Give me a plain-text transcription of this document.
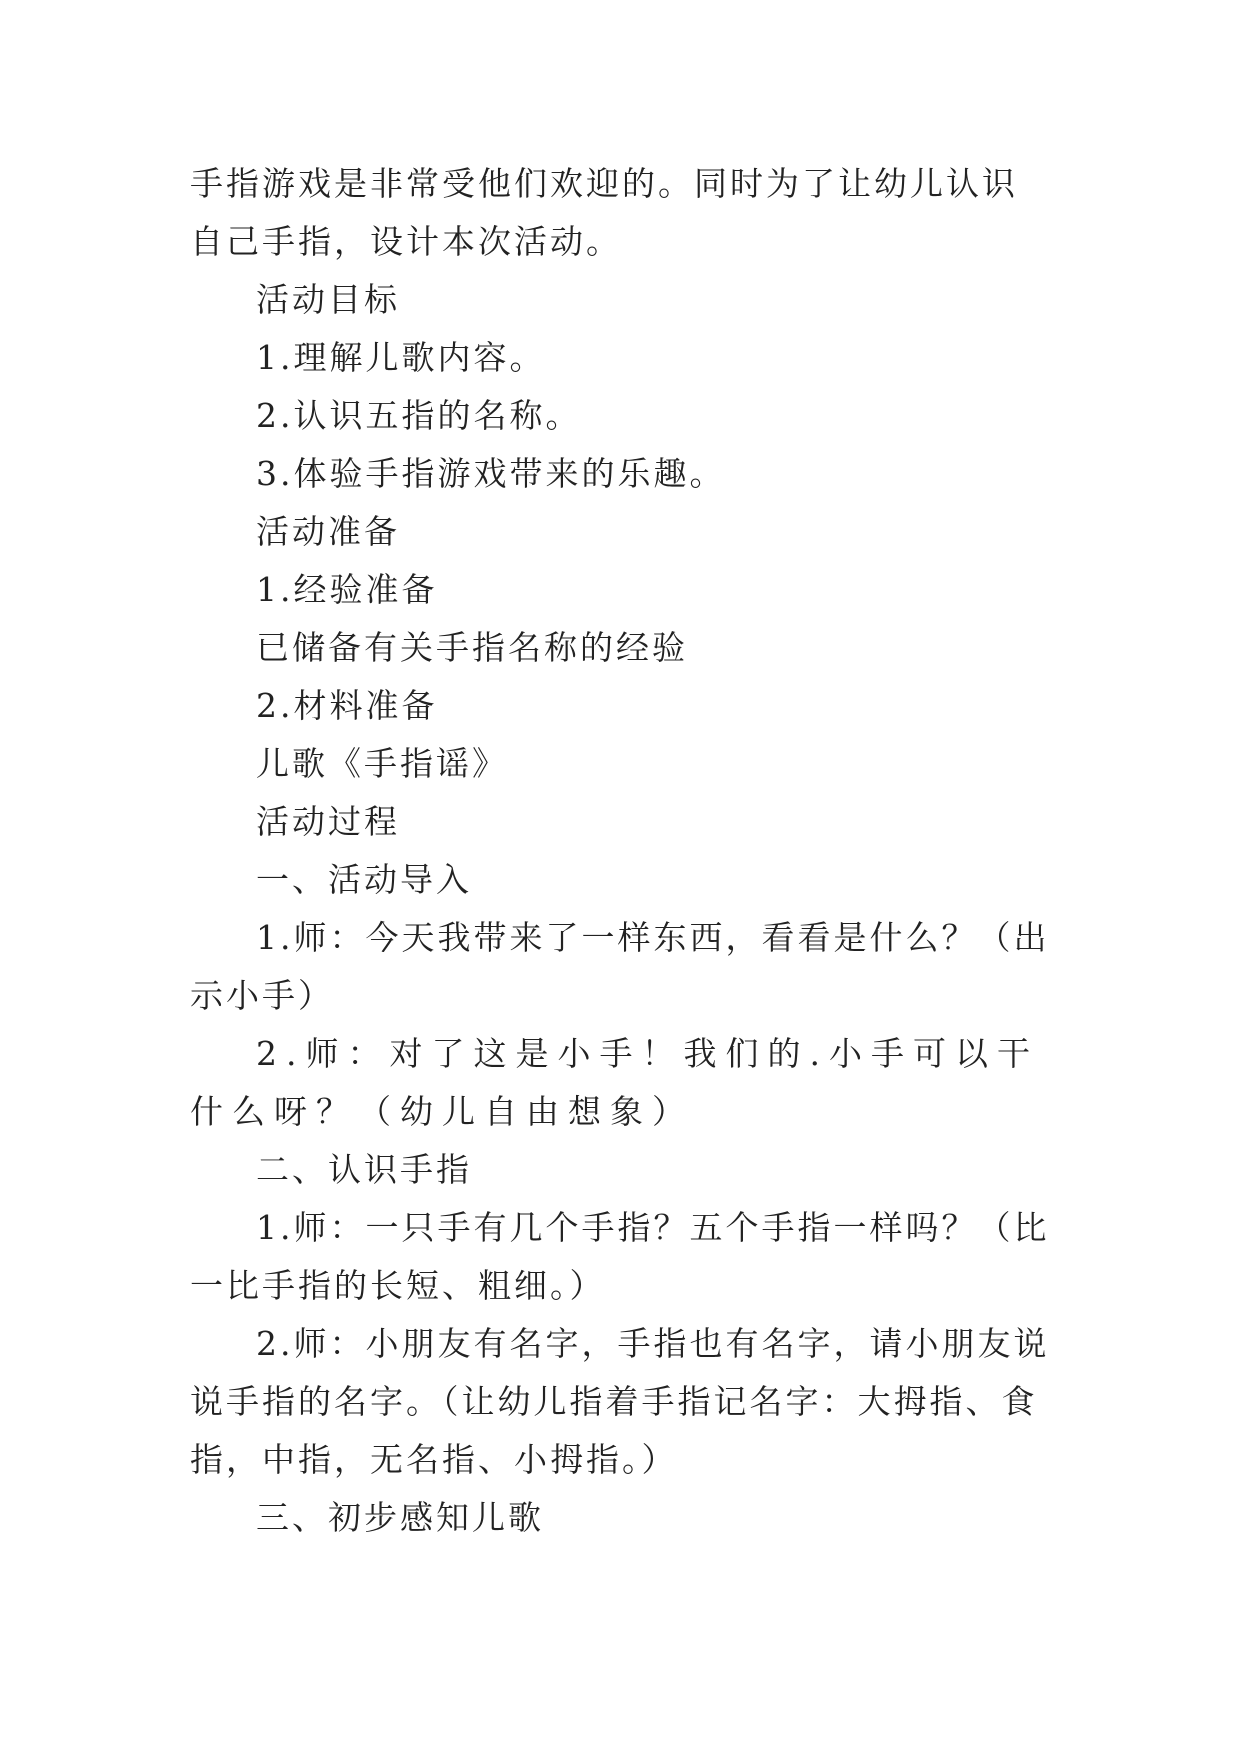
手指游戏是非常受他们欢迎的。同时为了让幼儿认识自己手指，设计本次活动。

活动目标

1.理解儿歌内容。

2.认识五指的名称。

3.体验手指游戏带来的乐趣。

活动准备

1.经验准备

已储备有关手指名称的经验

2.材料准备

儿歌《手指谣》

活动过程

一、活动导入

1.师：今天我带来了一样东西，看看是什么？（出示小手）

2.师：对了这是小手！我们的.小手可以干什么呀？（幼儿自由想象）

二、认识手指

1.师：一只手有几个手指？五个手指一样吗？（比一比手指的长短、粗细。）

2.师：小朋友有名字，手指也有名字，请小朋友说说手指的名字。（让幼儿指着手指记名字：大拇指、食指，中指，无名指、小拇指。）

三、初步感知儿歌
